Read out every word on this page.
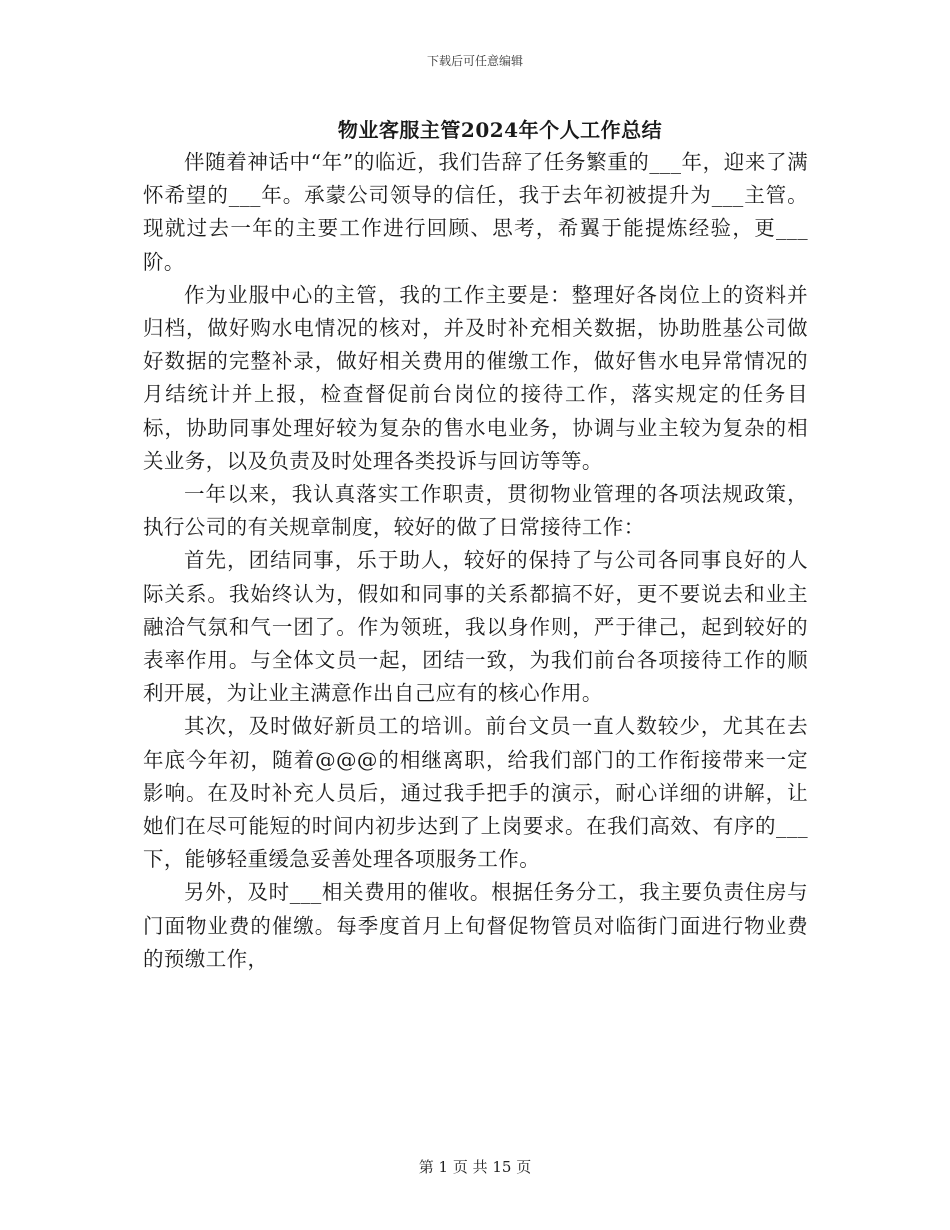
下载后可任意编辑
物业客服主管2024年个人工作总结

伴随着神话中“年”的临近，我们告辞了任务繁重的___年，迎来了满怀希望的___年。承蒙公司领导的信任，我于去年初被提升为___主管。现就过去一年的主要工作进行回顾、思考，希翼于能提炼经验，更___阶。

作为业服中心的主管，我的工作主要是：整理好各岗位上的资料并归档，做好购水电情况的核对，并及时补充相关数据，协助胜基公司做好数据的完整补录，做好相关费用的催缴工作，做好售水电异常情况的月结统计并上报，检查督促前台岗位的接待工作，落实规定的任务目标，协助同事处理好较为复杂的售水电业务，协调与业主较为复杂的相关业务，以及负责及时处理各类投诉与回访等等。

一年以来，我认真落实工作职责，贯彻物业管理的各项法规政策，执行公司的有关规章制度，较好的做了日常接待工作：

首先，团结同事，乐于助人，较好的保持了与公司各同事良好的人际关系。我始终认为，假如和同事的关系都搞不好，更不要说去和业主融洽气氛和气一团了。作为领班，我以身作则，严于律己，起到较好的表率作用。与全体文员一起，团结一致，为我们前台各项接待工作的顺利开展，为让业主满意作出自己应有的核心作用。

其次，及时做好新员工的培训。前台文员一直人数较少，尤其在去年底今年初，随着@@@的相继离职，给我们部门的工作衔接带来一定影响。在及时补充人员后，通过我手把手的演示，耐心详细的讲解，让她们在尽可能短的时间内初步达到了上岗要求。在我们高效、有序的___下，能够轻重缓急妥善处理各项服务工作。

另外，及时___相关费用的催收。根据任务分工，我主要负责住房与门面物业费的催缴。每季度首月上旬督促物管员对临街门面进行物业费的预缴工作，

第 1 页 共 15 页
